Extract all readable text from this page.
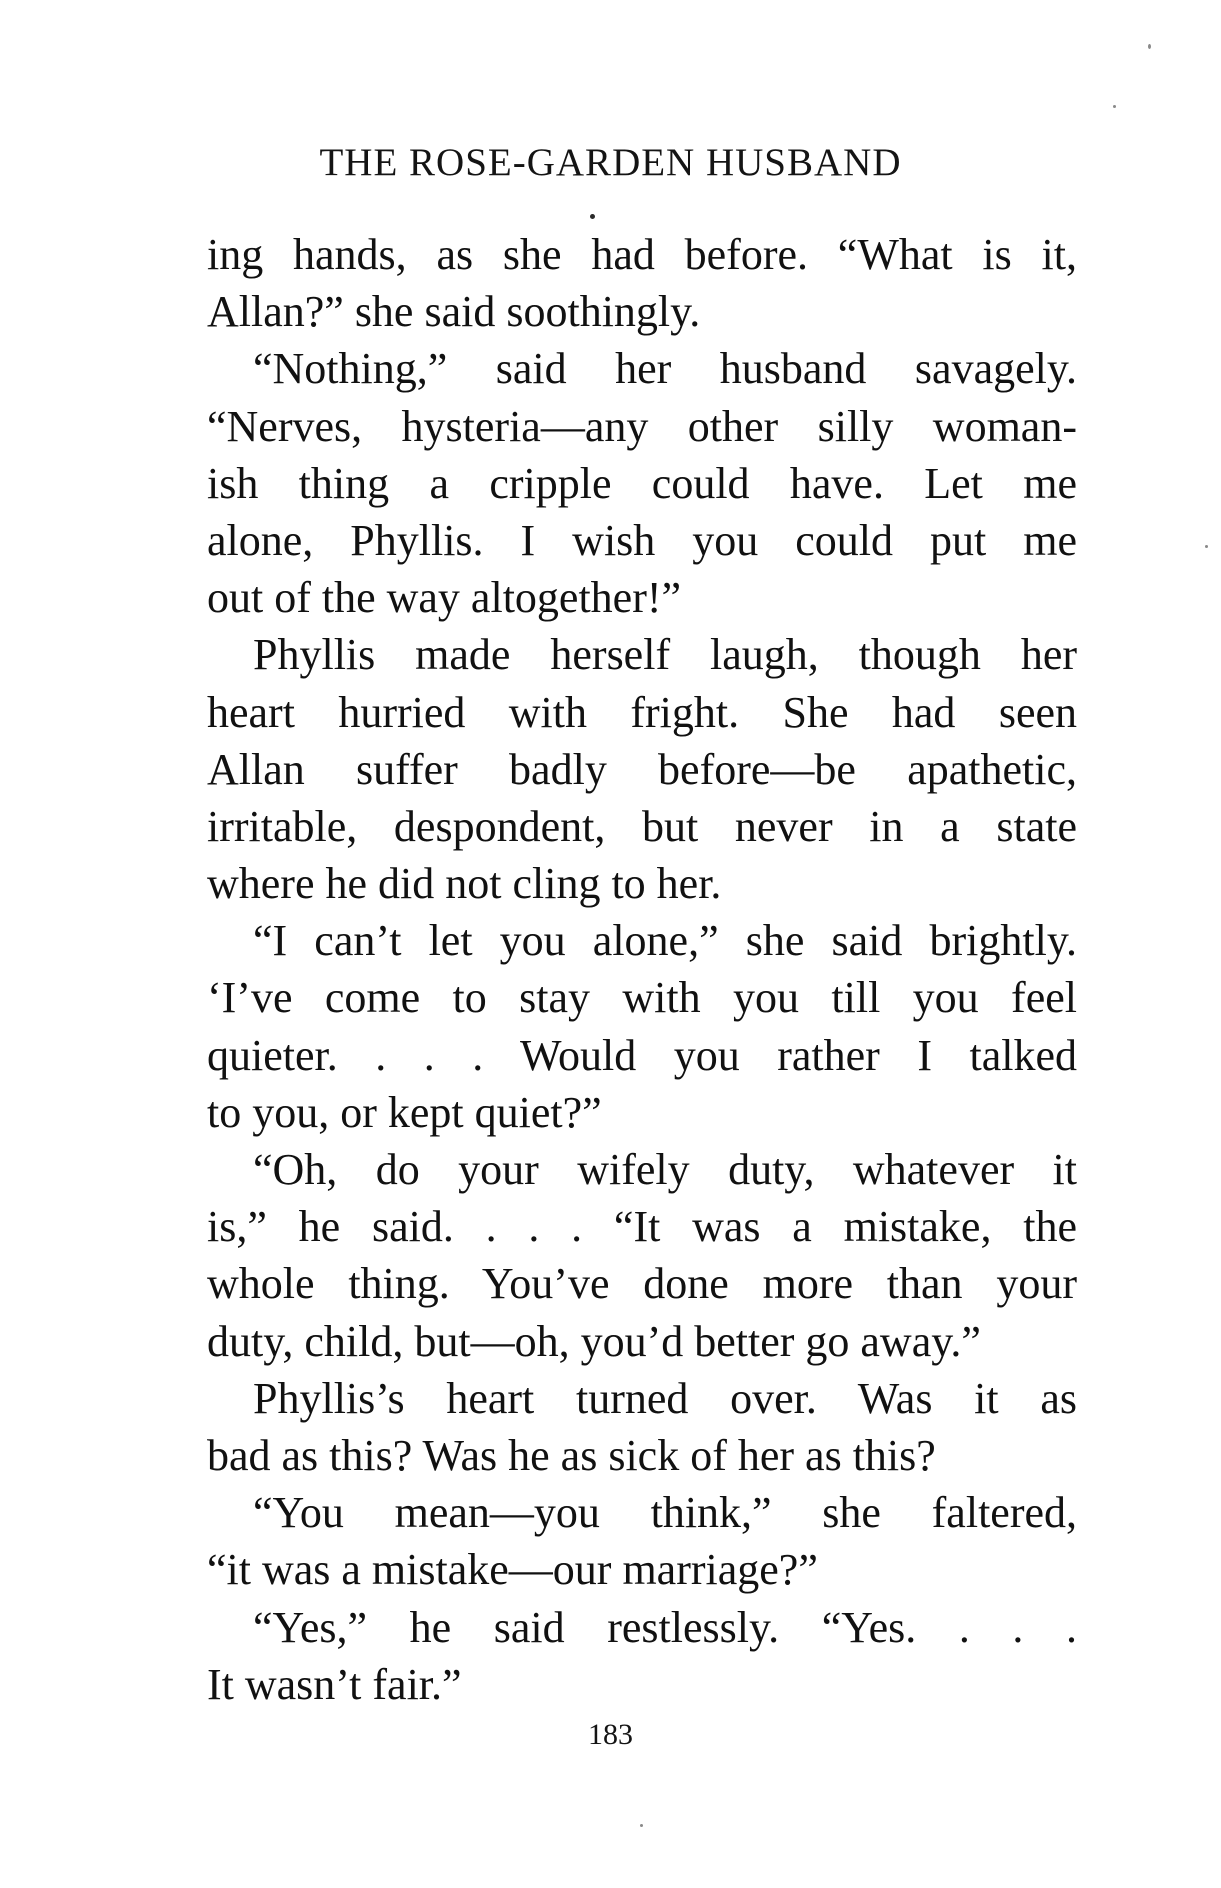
THE ROSE-GARDEN HUSBAND
ing hands, as she had before. “What is it,
Allan?” she said soothingly.
“Nothing,” said her husband savagely.
“Nerves, hysteria—any other silly woman-
ish thing a cripple could have. Let me
alone, Phyllis. I wish you could put me
out of the way altogether!”
Phyllis made herself laugh, though her
heart hurried with fright. She had seen
Allan suffer badly before—be apathetic,
irritable, despondent, but never in a state
where he did not cling to her.
“I can’t let you alone,” she said brightly.
‘I’ve come to stay with you till you feel
quieter. . . . Would you rather I talked
to you, or kept quiet?”
“Oh, do your wifely duty, whatever it
is,” he said. . . . “It was a mistake, the
whole thing. You’ve done more than your
duty, child, but—oh, you’d better go away.”
Phyllis’s heart turned over. Was it as
bad as this? Was he as sick of her as this?
“You mean—you think,” she faltered,
“it was a mistake—our marriage?”
“Yes,” he said restlessly. “Yes. . . .
It wasn’t fair.”
183
